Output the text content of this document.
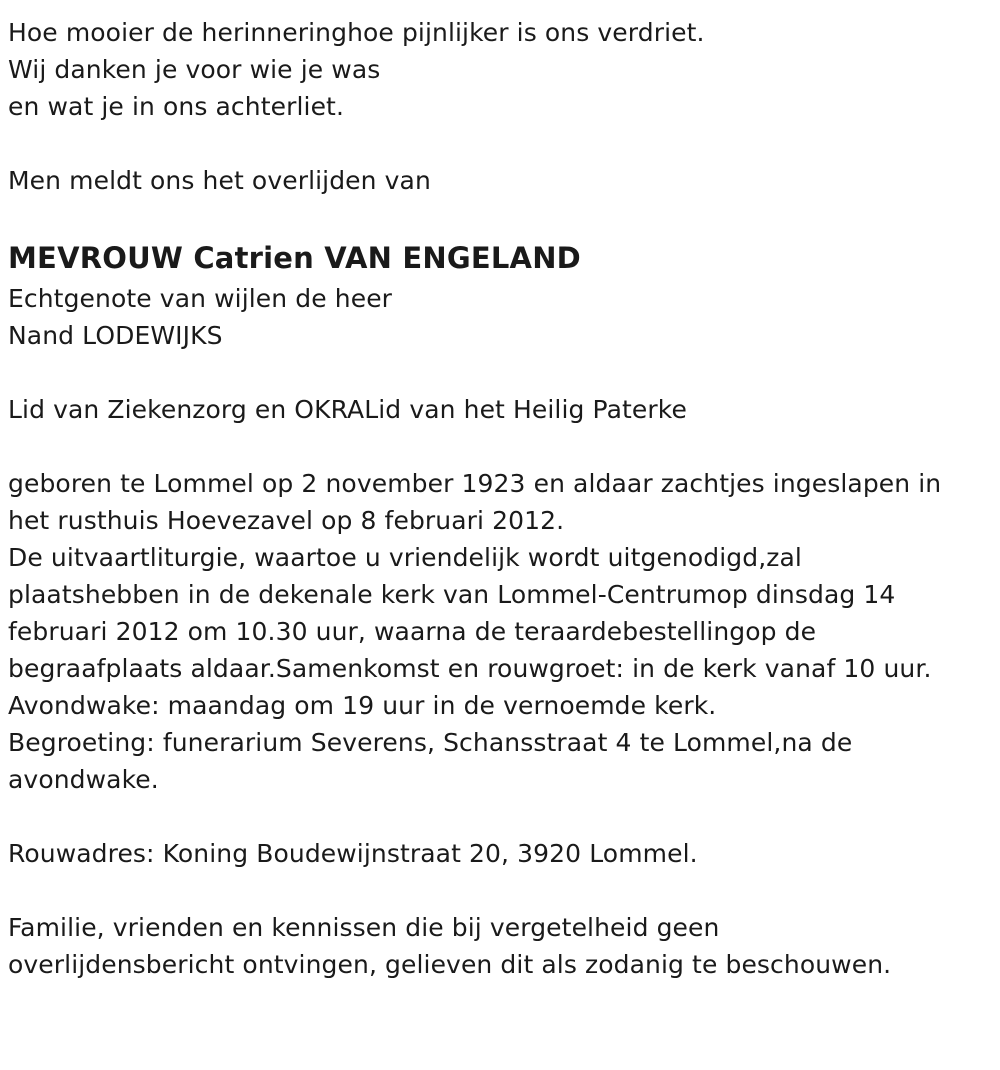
Hoe mooier de herinneringhoe pijnlijker is ons verdriet.
Wij danken je voor wie je was
en wat je in ons achterliet.
Men meldt ons het overlijden van
MEVROUW Catrien VAN ENGELAND
Echtgenote van wijlen de heer
Nand LODEWIJKS
Lid van Ziekenzorg en OKRALid van het Heilig Paterke
geboren te Lommel op 2 november 1923 en aldaar zachtjes ingeslapen in
het rusthuis Hoevezavel op 8 februari 2012.
De uitvaartliturgie, waartoe u vriendelijk wordt uitgenodigd,zal
plaatshebben in de dekenale kerk van Lommel-Centrumop dinsdag 14
februari 2012 om 10.30 uur, waarna de teraardebestellingop de
begraafplaats aldaar.Samenkomst en rouwgroet: in de kerk vanaf 10 uur.
Avondwake: maandag om 19 uur in de vernoemde kerk.
Begroeting: funerarium Severens, Schansstraat 4 te Lommel,na de
avondwake.
Rouwadres: Koning Boudewijnstraat 20, 3920 Lommel.
Familie, vrienden en kennissen die bij vergetelheid geen
overlijdensbericht ontvingen, gelieven dit als zodanig te beschouwen.
